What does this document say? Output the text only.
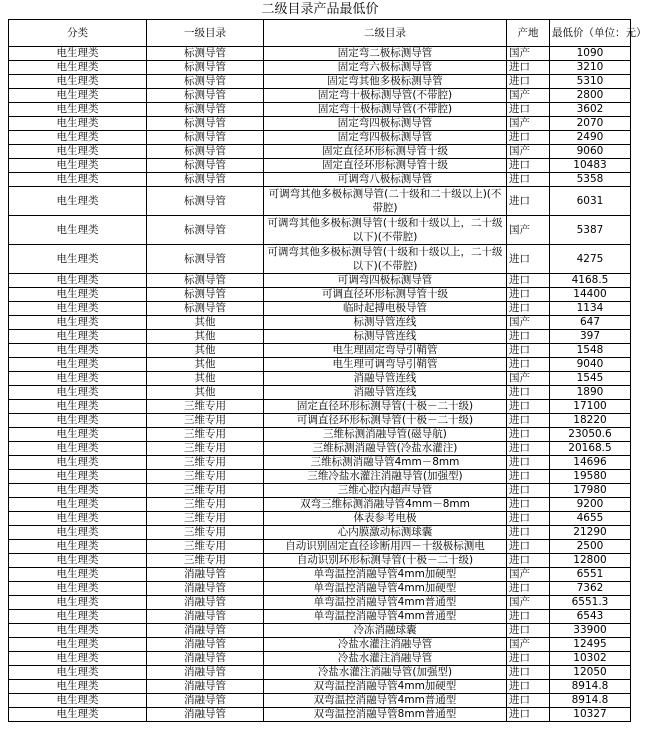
二级目录产品最低价
分类	一级目录	二级目录	产地	最低价（单位：元）
电生理类	标测导管	固定弯二极标测导管	国产	1090
电生理类	标测导管	固定弯六极标测导管	进口	3210
电生理类	标测导管	固定弯其他多极标测导管	进口	5310
电生理类	标测导管	固定弯十极标测导管(不带腔)	国产	2800
电生理类	标测导管	固定弯十极标测导管(不带腔)	进口	3602
电生理类	标测导管	固定弯四极标测导管	国产	2070
电生理类	标测导管	固定弯四极标测导管	进口	2490
电生理类	标测导管	固定直径环形标测导管十级	国产	9060
电生理类	标测导管	固定直径环形标测导管十级	进口	10483
电生理类	标测导管	可调弯八极标测导管	进口	5358
电生理类	标测导管	可调弯其他多极标测导管(二十级和二十级以上)(不带腔)	进口	6031
电生理类	标测导管	可调弯其他多极标测导管(十级和十级以上，二十级以下)(不带腔)	国产	5387
电生理类	标测导管	可调弯其他多极标测导管(十级和十级以上，二十级以下)(不带腔)	进口	4275
电生理类	标测导管	可调弯四极标测导管	进口	4168.5
电生理类	标测导管	可调直径环形标测导管十级	进口	14400
电生理类	标测导管	临时起搏电极导管	进口	1134
电生理类	其他	标测导管连线	国产	647
电生理类	其他	标测导管连线	进口	397
电生理类	其他	电生理固定弯导引鞘管	进口	1548
电生理类	其他	电生理可调弯导引鞘管	进口	9040
电生理类	其他	消融导管连线	国产	1545
电生理类	其他	消融导管连线	进口	1890
电生理类	三维专用	固定直径环形标测导管(十极－二十级)	进口	17100
电生理类	三维专用	可调直径环形标测导管(十极－二十级)	进口	18220
电生理类	三维专用	三维标测消融导管(磁导航)	进口	23050.6
电生理类	三维专用	三维标测消融导管(冷盐水灌注)	进口	20168.5
电生理类	三维专用	三维标测消融导管4mm－8mm	进口	14696
电生理类	三维专用	三维冷盐水灌注消融导管(加强型)	进口	19580
电生理类	三维专用	三维心腔内超声导管	进口	17980
电生理类	三维专用	双弯三维标测消融导管4mm－8mm	进口	9200
电生理类	三维专用	体表参考电极	进口	4655
电生理类	三维专用	心内膜激动标测球囊	进口	21290
电生理类	三维专用	自动识别固定直径诊断用四－十级极标测电	进口	2500
电生理类	三维专用	自动识别环形标测导管(十极－二十级)	进口	12800
电生理类	消融导管	单弯温控消融导管4mm加硬型	国产	6551
电生理类	消融导管	单弯温控消融导管4mm加硬型	进口	7362
电生理类	消融导管	单弯温控消融导管4mm普通型	国产	6551.3
电生理类	消融导管	单弯温控消融导管4mm普通型	进口	6543
电生理类	消融导管	冷冻消融球囊	进口	33900
电生理类	消融导管	冷盐水灌注消融导管	国产	12495
电生理类	消融导管	冷盐水灌注消融导管	进口	10302
电生理类	消融导管	冷盐水灌注消融导管(加强型)	进口	12050
电生理类	消融导管	双弯温控消融导管4mm加硬型	进口	8914.8
电生理类	消融导管	双弯温控消融导管4mm普通型	进口	8914.8
电生理类	消融导管	双弯温控消融导管8mm普通型	进口	10327
